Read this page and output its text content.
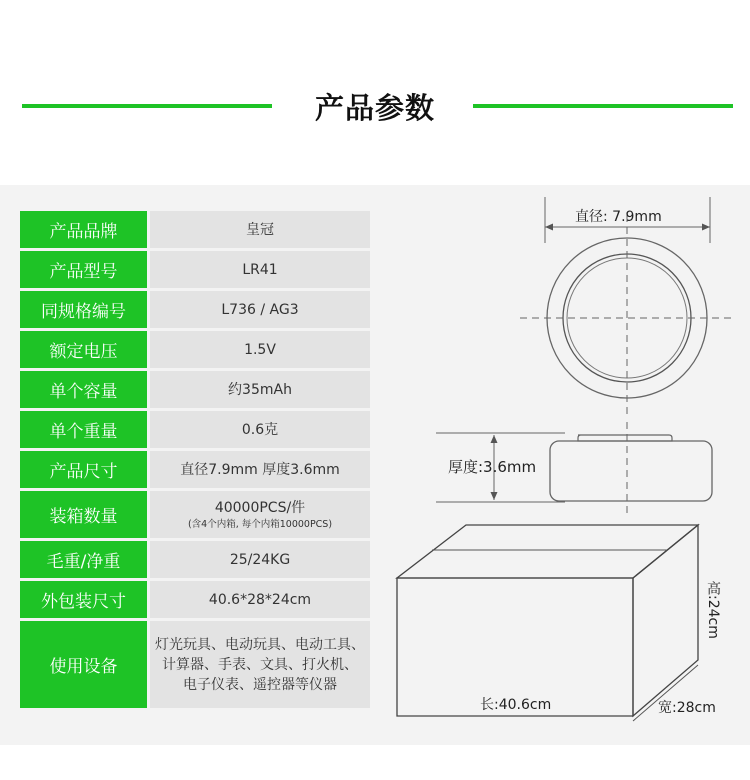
产品参数
产品品牌	皇冠
产品型号	LR41
同规格编号	L736 / AG3
额定电压	1.5V
单个容量	约35mAh
单个重量	0.6克
产品尺寸	直径7.9mm 厚度3.6mm
装箱数量	40000PCS/件
(含4个内箱, 每个内箱10000PCS)
毛重/净重	25/24KG
外包装尺寸	40.6*28*24cm
使用设备
灯光玩具、电动玩具、电动工具、
计算器、手表、文具、打火机、
电子仪表、遥控器等仪器
直径: 7.9mm
厚度:3.6mm
长:40.6cm	宽:28cm
高:24cm
